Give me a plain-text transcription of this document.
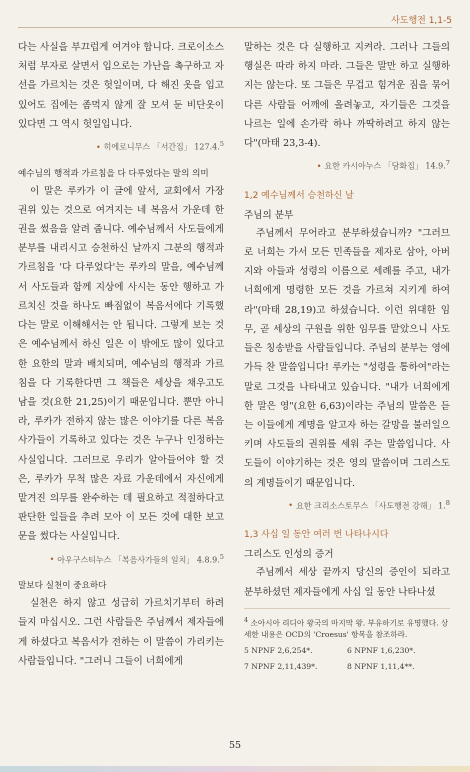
사도행전 1,1-5

다는 사실을 부끄럽게 여겨야 합니다. 크로이소스처럼 부자로 살면서 입으로는 가난을 촉구하고 자선을 가르치는 것은 헛일이며, 다 해진 옷을 입고 있어도 집에는 좀먹지 않게 잘 모셔 둔 비단옷이 있다면 그 역시 헛일입니다.

• 히에로니무스 「서간집」 127.4.$^5$

예수님의 행적과 가르침을 다 다루었다는 말의 의미

이 말은 루카가 이 글에 앞서, 교회에서 가장 권위 있는 것으로 여겨지는 네 복음서 가운데 한 권을 썼음을 알려 줍니다. 예수님께서 사도들에게 분부를 내리시고 승천하신 날까지 그분의 행적과 가르침을 '다 다루었다'는 루카의 말을, 예수님께서 사도들과 함께 지상에 사시는 동안 행하고 가르치신 것을 하나도 빠짐없이 복음서에다 기록했다는 말로 이해해서는 안 됩니다. 그렇게 보는 것은 예수님께서 하신 일은 이 밖에도 많이 있다고 한 요한의 말과 배치되며, 예수님의 행적과 가르침을 다 기록한다면 그 책들은 세상을 채우고도 남을 것(요한 21,25)이기 때문입니다. 뿐만 아니라, 루카가 전하지 않는 많은 이야기를 다른 복음사가들이 기록하고 있다는 것은 누구나 인정하는 사실입니다. 그러므로 우리가 알아들어야 할 것은, 루카가 무척 많은 자료 가운데에서 자신에게 맡겨진 의무를 완수하는 데 필요하고 적절하다고 판단한 일들을 추려 모아 이 모든 것에 대한 보고문을 썼다는 사실입니다.

• 아우구스티누스 「복음사가들의 일치」 4.8.9.$^5$

말보다 실천이 중요하다

실천은 하지 않고 성급히 가르치기부터 하려 들지 마십시오. 그런 사람들은 주님께서 제자들에게 하셨다고 복음서가 전하는 이 말씀이 가리키는 사람들입니다. "그러니 그들이 너희에게

말하는 것은 다 실행하고 지켜라. 그러나 그들의 행실은 따라 하지 마라. 그들은 말만 하고 실행하지는 않는다. 또 그들은 무겁고 힘겨운 짐을 묶어 다른 사람들 어깨에 올려놓고, 자기들은 그것을 나르는 일에 손가락 하나 까딱하려고 하지 않는다"(마태 23,3-4).

• 요한 카시아누스 「담화집」 14.9.$^7$

1,2 예수님께서 승천하신 날
주님의 분부

주님께서 무어라고 분부하셨습니까? "그러므로 너희는 가서 모든 민족들을 제자로 삼아, 아버지와 아들과 성령의 이름으로 세례를 주고, 내가 너희에게 명령한 모든 것을 가르쳐 지키게 하여라"(마태 28,19)고 하셨습니다. 이런 위대한 임무, 곧 세상의 구원을 위한 임무를 맡았으니 사도들은 칭송받을 사람들입니다. 주님의 분부는 영에 가득 찬 말씀입니다! 루카는 "성령을 통하여"라는 말로 그것을 나타내고 있습니다. "내가 너희에게 한 말은 영"(요한 6,63)이라는 주님의 말씀은 듣는 이들에게 계명을 알고자 하는 갈망을 불러일으키며 사도들의 권위를 세워 주는 말씀입니다. 사도들이 이야기하는 것은 영의 말씀이며 그리스도의 계명들이기 때문입니다.

• 요한 크리소스토무스 「사도행전 강해」 1.$^8$

1,3 사십 일 동안 여러 번 나타나시다
그리스도 인성의 증거

주님께서 세상 끝까지 당신의 증인이 되라고 분부하셨던 제자들에게 사십 일 동안 나타나셨

$^4$ 소아시아 리디아 왕국의 마지막 왕. 부유하기로 유명했다. 상세한 내용은 OCD의 'Croesus' 항목을 참조하라.

5 NPNF 2,6,254*.	6 NPNF 1,6,230*.
7 NPNF 2,11,439*.	8 NPNF 1,11,4**.
55
